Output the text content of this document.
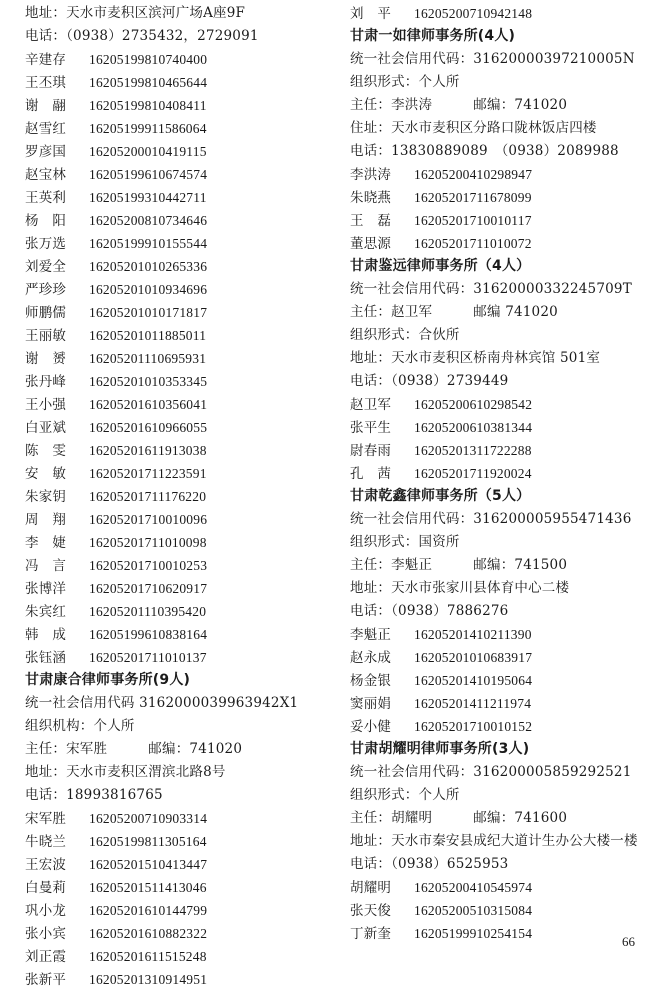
地址：天水市麦积区滨河广场A座9F
电话：（0938）2735432，2729091
辛建存 16205199810740400
王丕琪 16205199810465644
谢　翮 16205199810408411
赵雪红 16205199911586064
罗彦国 16205200010419115
赵宝林 16205199610674574
王英利 16205199310442711
杨　阳 16205200810734646
张万选 16205199910155544
刘爱全 16205201010265336
严珍珍 16205201010934696
师鹏儒 16205201010171817
王丽敏 16205201011885011
谢　赟 16205201110695931
张丹峰 16205201010353345
王小强 16205201610356041
白亚斌 16205201610966055
陈　雯 16205201611913038
安　敏 16205201711223591
朱家钥 16205201711176220
周　翔 16205201710010096
李　婕 16205201711010098
冯　言 16205201710010253
张博洋 16205201710620917
朱宾红 16205201110395420
韩　成 16205199610838164
张钰涵 16205201711010137
甘肃康合律师事务所(9人)
统一社会信用代码 3162000039963942X1
组织机构：个人所
主任：宋军胜　　　邮编：741020
地址：天水市麦积区渭滨北路8号
电话：18993816765
宋军胜 16205200710903314
牛晓兰 16205199811305164
王宏波 16205201510413447
白曼莉 16205201511413046
巩小龙 16205201610144799
张小宾 16205201610882322
刘正霞 16205201611515248
张新平 16205201310914951
刘　平 16205200710942148
甘肃一如律师事务所(4人)
统一社会信用代码：31620000397210005N
组织形式：个人所
主任：李洪涛　　　邮编：741020
住址：天水市麦积区分路口陇林饭店四楼
电话：13830889089　（0938）2089988
李洪涛 16205200410298947
朱晓燕 16205201711678099
王　磊 16205201710010117
董思源 16205201711010072
甘肃鉴远律师事务所（4人）
统一社会信用代码：31620000332245709T
主任：赵卫军　　　邮编 741020
组织形式：合伙所
地址：天水市麦积区桥南舟林宾馆 501室
电话：（0938）2739449
赵卫军 16205200610298542
张平生 16205200610381344
尉春雨 16205201311722288
孔　茜 16205201711920024
甘肃乾鑫律师事务所（5人）
统一社会信用代码：316200005955471436
组织形式：国资所
主任：李魁正　　　邮编：741500
地址：天水市张家川县体育中心二楼
电话：（0938）7886276
李魁正 16205201410211390
赵永成 16205201010683917
杨金银 16205201410195064
窦丽娟 16205201411211974
妥小健 16205201710010152
甘肃胡耀明律师事务所(3人)
统一社会信用代码：316200005859292521
组织形式：个人所
主任：胡耀明　　　邮编：741600
地址：天水市秦安县成纪大道计生办公大楼一楼
电话：（0938）6525953
胡耀明 16205200410545974
张天俊 16205200510315084
丁新奎 16205199910254154
66
